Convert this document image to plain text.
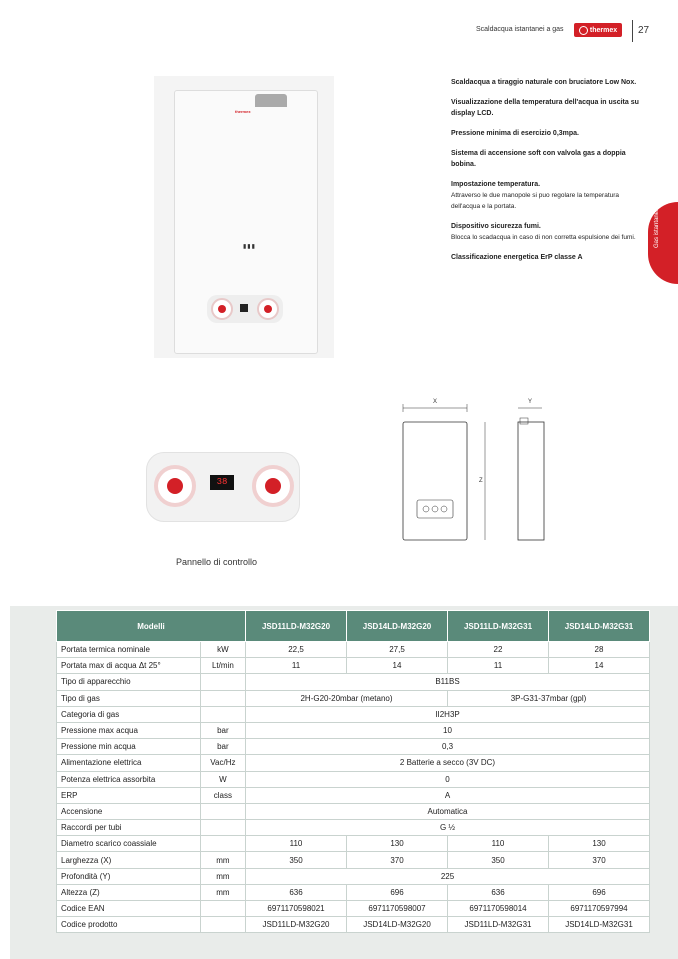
Scaldacqua istantanei a gas	thermex 27
Gas istantanei
thermex
▮▮▮
Scaldacqua a tiraggio naturale con bruciatore Low Nox.
Visualizzazione della temperatura dell'acqua in uscita su display LCD.
Pressione minima di esercizio 0,3mpa.
Sistema di accensione soft con valvola gas a doppia bobina.
Impostazione temperatura.
Attraverso le due manopole si puo regolare la temperatura dell'acqua e la portata.
Dispositivo sicurezza fumi.
Blocca lo scadacqua in caso di non corretta espulsione dei fumi.
Classificazione energetica ErP classe A
38
Pannello di controllo
X
Z
Y
Modelli		JSD11LD-M32G20	JSD14LD-M32G20	JSD11LD-M32G31	JSD14LD-M32G31
Portata termica nominale	kW	22,5	27,5	22	28
Portata max di acqua Δt 25°	Lt/min	11	14	11	14
Tipo di apparecchio		B11BS			
Tipo di gas		2H-G20-20mbar (metano)		3P-G31-37mbar (gpl)	
Categoria di gas		II2H3P			
Pressione max acqua	bar	10			
Pressione min acqua	bar	0,3			
Alimentazione elettrica	Vac/Hz	2 Batterie a secco (3V DC)			
Potenza elettrica assorbita	W	0			
ERP	class	A			
Accensione		Automatica			
Raccordi per tubi		G ½			
Diametro scarico coassiale		110	130	110	130
Larghezza (X)	mm	350	370	350	370
Profondità (Y)	mm	225			
Altezza (Z)	mm	636	696	636	696
Codice EAN		6971170598021	6971170598007	6971170598014	6971170597994
Codice prodotto		JSD11LD-M32G20	JSD14LD-M32G20	JSD11LD-M32G31	JSD14LD-M32G31
